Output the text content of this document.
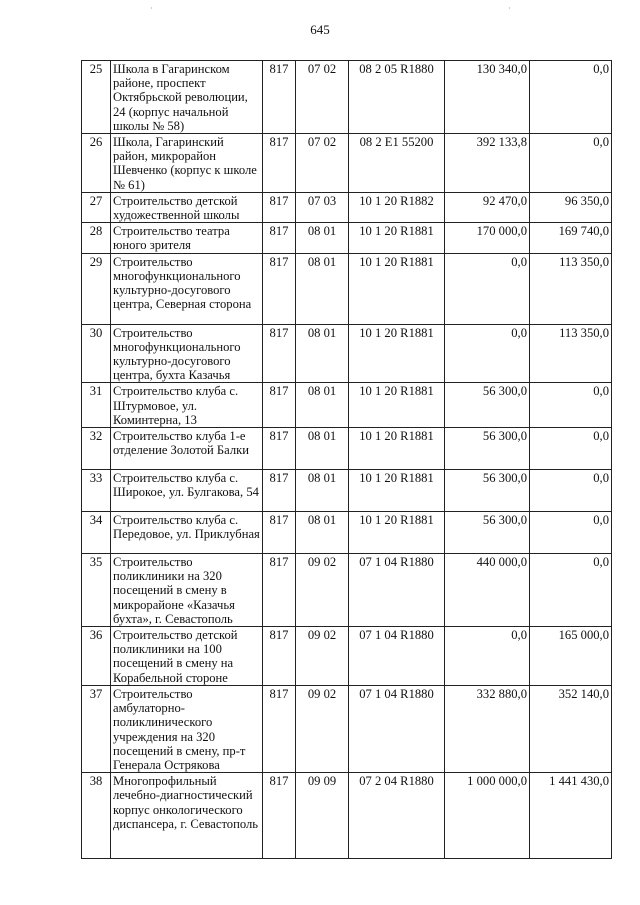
·	·
645
25	Школа в Гагаринском районе, проспект Октябрьской революции, 24 (корпус начальной школы № 58)	817	07 02	08 2 05 R1880	130 340,0	0,0
26	Школа, Гагаринский район, микрорайон Шевченко (корпус к школе № 61)	817	07 02	08 2 E1 55200	392 133,8	0,0
27	Строительство детской художественной школы	817	07 03	10 1 20 R1882	92 470,0	96 350,0
28	Строительство театра юного зрителя	817	08 01	10 1 20 R1881	170 000,0	169 740,0
29	Строительство многофункционального культурно-досугового центра, Северная сторона	817	08 01	10 1 20 R1881	0,0	113 350,0
30	Строительство многофункционального культурно-досугового центра, бухта Казачья	817	08 01	10 1 20 R1881	0,0	113 350,0
31	Строительство клуба с. Штурмовое, ул. Коминтерна, 13	817	08 01	10 1 20 R1881	56 300,0	0,0
32	Строительство клуба 1-е отделение Золотой Балки	817	08 01	10 1 20 R1881	56 300,0	0,0
33	Строительство клуба с. Широкое, ул. Булгакова, 54	817	08 01	10 1 20 R1881	56 300,0	0,0
34	Строительство клуба с. Передовое, ул. Приклубная	817	08 01	10 1 20 R1881	56 300,0	0,0
35	Строительство поликлиники на 320 посещений в смену в микрорайоне «Казачья бухта», г. Севастополь	817	09 02	07 1 04 R1880	440 000,0	0,0
36	Строительство детской поликлиники на 100 посещений в смену на Корабельной стороне	817	09 02	07 1 04 R1880	0,0	165 000,0
37	Строительство амбулаторно-поликлинического учреждения на 320 посещений в смену, пр-т Генерала Острякова	817	09 02	07 1 04 R1880	332 880,0	352 140,0
38	Многопрофильный лечебно-диагностический корпус онкологического диспансера, г. Севастополь	817	09 09	07 2 04 R1880	1 000 000,0	1 441 430,0
